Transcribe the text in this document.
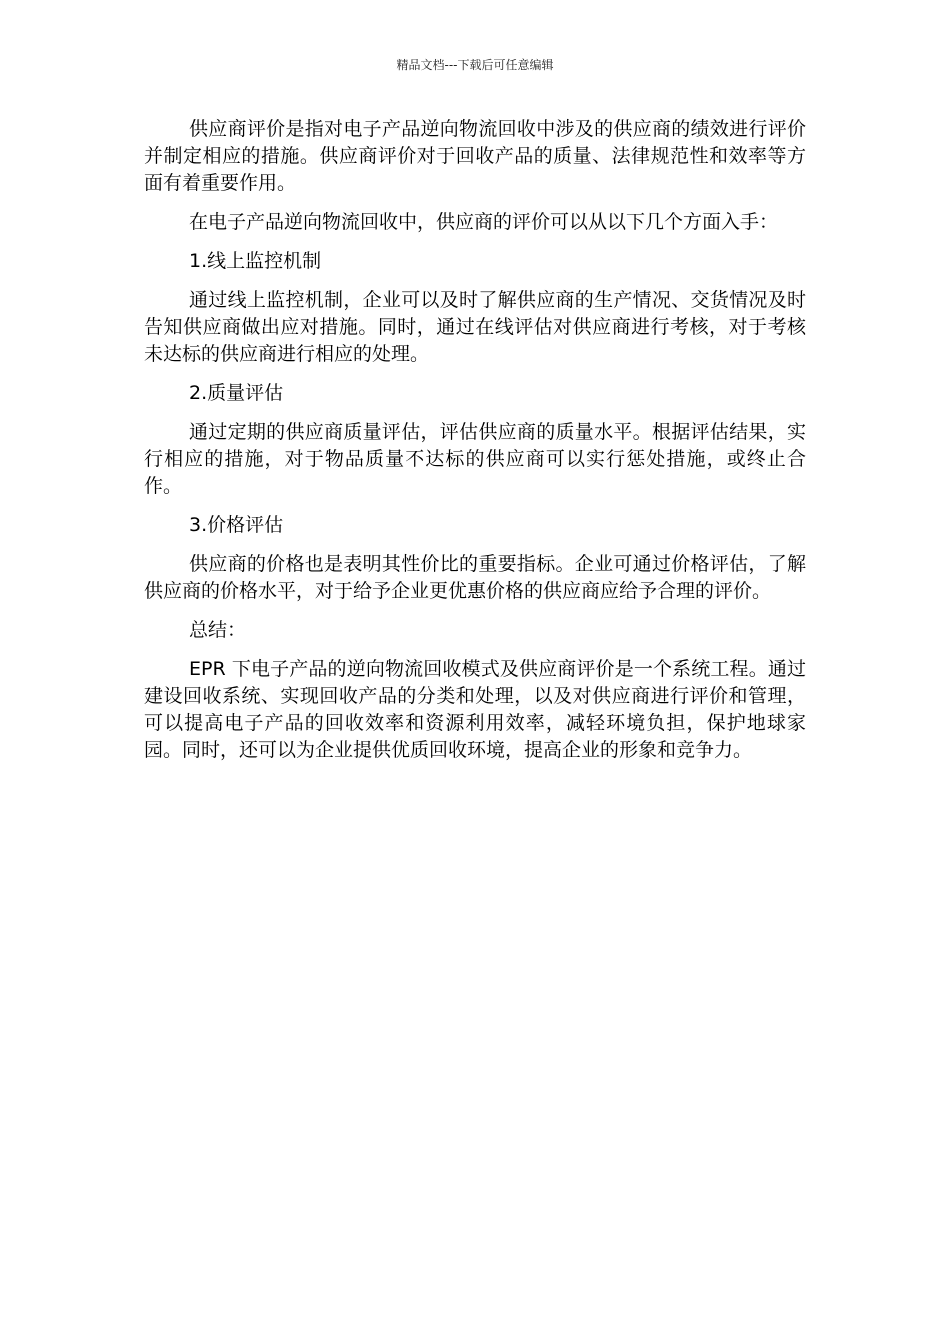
精品文档---下载后可任意编辑

供应商评价是指对电子产品逆向物流回收中涉及的供应商的绩效进行评价并制定相应的措施。供应商评价对于回收产品的质量、法律规范性和效率等方面有着重要作用。

在电子产品逆向物流回收中，供应商的评价可以从以下几个方面入手：

1.线上监控机制

通过线上监控机制，企业可以及时了解供应商的生产情况、交货情况及时告知供应商做出应对措施。同时，通过在线评估对供应商进行考核，对于考核未达标的供应商进行相应的处理。

2.质量评估

通过定期的供应商质量评估，评估供应商的质量水平。根据评估结果，实行相应的措施，对于物品质量不达标的供应商可以实行惩处措施，或终止合作。

3.价格评估

供应商的价格也是表明其性价比的重要指标。企业可通过价格评估，了解供应商的价格水平，对于给予企业更优惠价格的供应商应给予合理的评价。

总结：

EPR 下电子产品的逆向物流回收模式及供应商评价是一个系统工程。通过建设回收系统、实现回收产品的分类和处理，以及对供应商进行评价和管理，可以提高电子产品的回收效率和资源利用效率，减轻环境负担，保护地球家园。同时，还可以为企业提供优质回收环境，提高企业的形象和竞争力。
